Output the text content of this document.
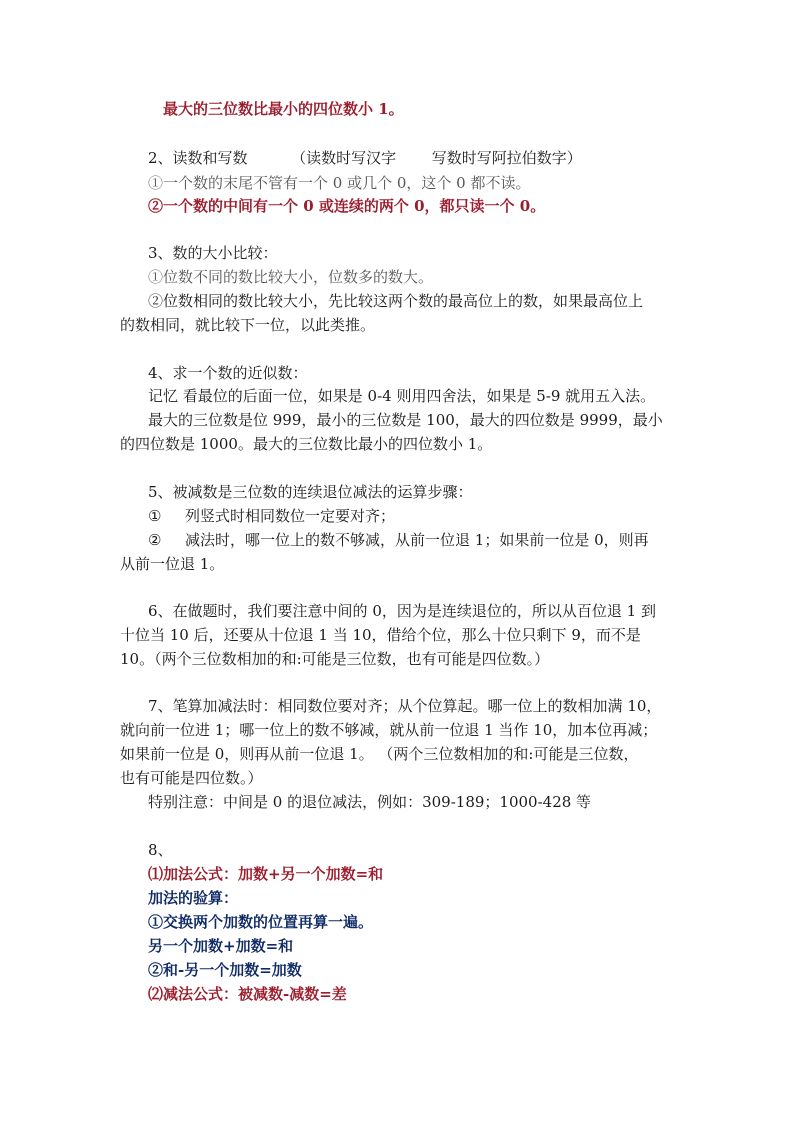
最大的三位数比最小的四位数小 1。
2、读数和写数	（读数时写汉字 写数时写阿拉伯数字）
①一个数的末尾不管有一个 0 或几个 0，这个 0 都不读。
②一个数的中间有一个 0 或连续的两个 0，都只读一个 0。
3、数的大小比较：
①位数不同的数比较大小，位数多的数大。
②位数相同的数比较大小，先比较这两个数的最高位上的数，如果最高位上
的数相同，就比较下一位，以此类推。
4、求一个数的近似数：
记忆 看最位的后面一位，如果是 0-4 则用四舍法，如果是 5-9 就用五入法。
最大的三位数是位 999，最小的三位数是 100，最大的四位数是 9999，最小
的四位数是 1000。最大的三位数比最小的四位数小 1。
5、被减数是三位数的连续退位减法的运算步骤：
① 列竖式时相同数位一定要对齐；
② 减法时，哪一位上的数不够减，从前一位退 1；如果前一位是 0，则再
从前一位退 1。
6、在做题时，我们要注意中间的 0，因为是连续退位的，所以从百位退 1 到
十位当 10 后，还要从十位退 1 当 10，借给个位，那么十位只剩下 9，而不是
10。（两个三位数相加的和:可能是三位数，也有可能是四位数。）
7、笔算加减法时：相同数位要对齐；从个位算起。哪一位上的数相加满 10，
就向前一位进 1；哪一位上的数不够减，就从前一位退 1 当作 10，加本位再减；
如果前一位是 0，则再从前一位退 1。 （两个三位数相加的和:可能是三位数，
也有可能是四位数。）
特别注意：中间是 0 的退位减法，例如：309-189；1000-428 等
8、
⑴加法公式：加数+另一个加数=和
加法的验算：
①交换两个加数的位置再算一遍。
另一个加数+加数=和
②和-另一个加数=加数
⑵减法公式：被减数-减数=差
